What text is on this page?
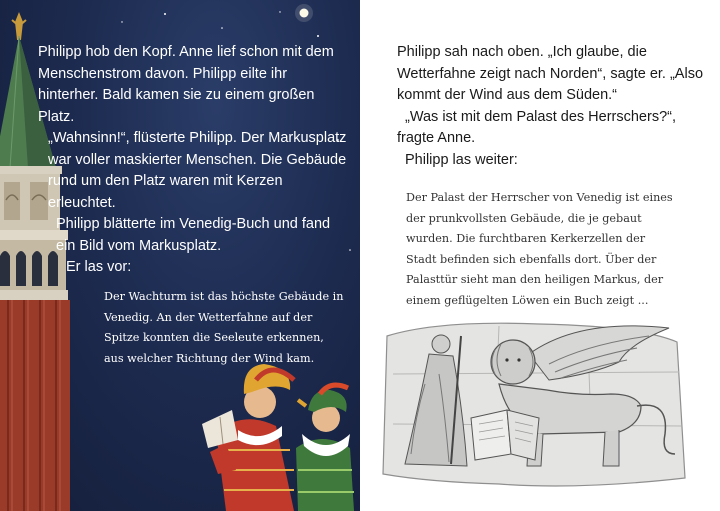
Philipp hob den Kopf. Anne lief schon mit dem Menschenstrom davon. Philipp eilte ihr hinterher. Bald kamen sie zu einem großen Platz.

„Wahnsinn!“, flüsterte Philipp. Der Markusplatz war voller maskierter Menschen. Die Gebäude rund um den Platz waren mit Kerzen erleuchtet.

Philipp blätterte im Venedig-Buch und fand ein Bild vom Markusplatz.

Er las vor:

Der Wachturm ist das höchste Gebäude in Venedig. An der Wetterfahne auf der Spitze konnten die Seeleute erkennen, aus welcher Richtung der Wind kam.

Philipp sah nach oben. „Ich glaube, die Wetterfahne zeigt nach Norden“, sagte er. „Also kommt der Wind aus dem Süden.“

„Was ist mit dem Palast des Herrschers?“, fragte Anne.

Philipp las weiter:

Der Palast der Herrscher von Venedig ist eines der prunkvollsten Gebäude, die je gebaut wurden. Die furchtbaren Kerkerzellen der Stadt befinden sich ebenfalls dort. Über der Palasttür sieht man den heiligen Markus, der einem geflügelten Löwen ein Buch zeigt ...
